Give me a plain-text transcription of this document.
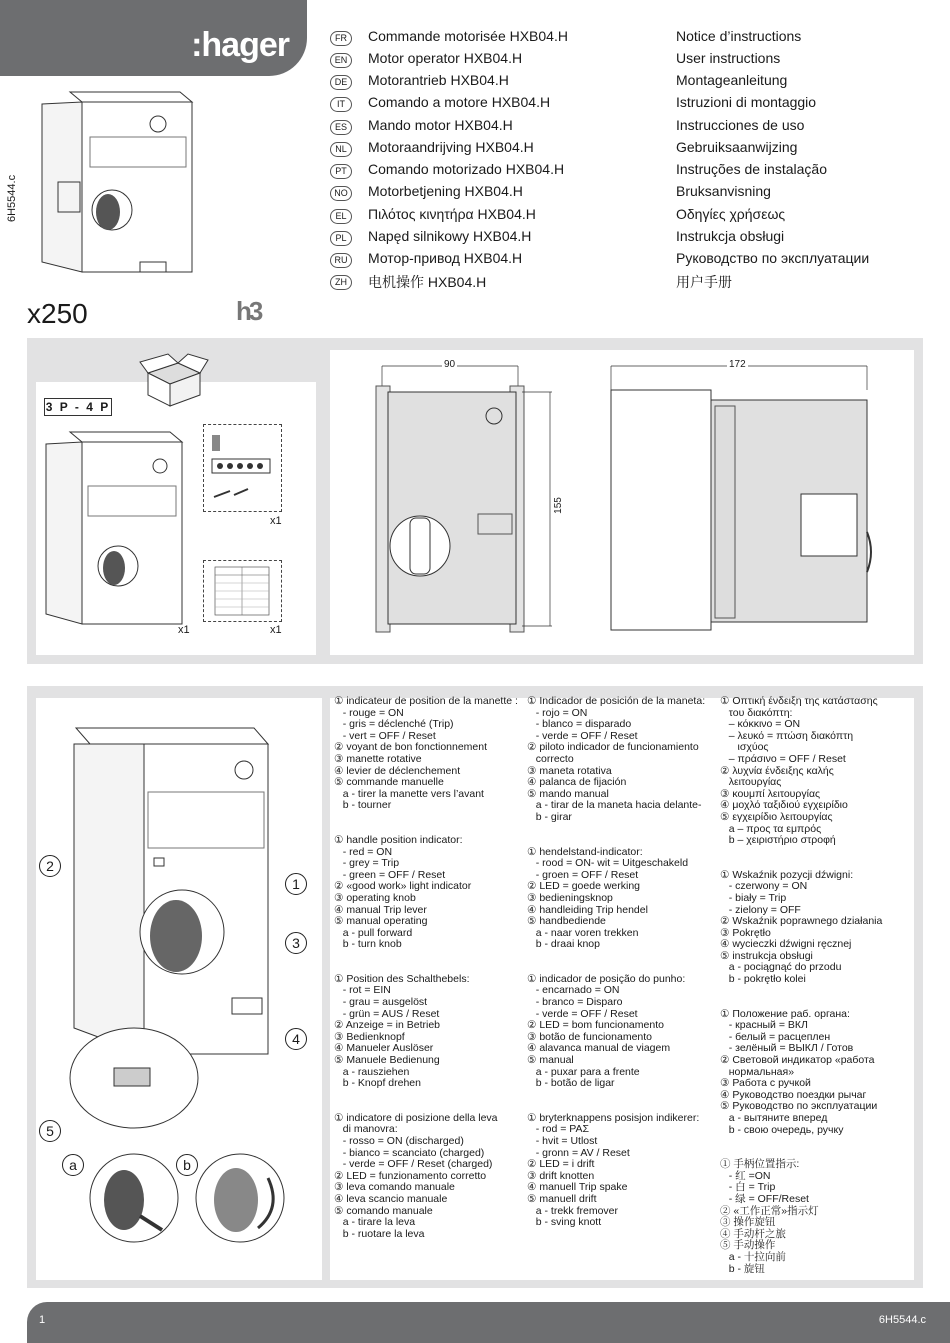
:hager
6H5544.c
FR	Commande motorisée HXB04.H	Notice d’instructions
EN	Motor operator HXB04.H	User instructions
DE	Motorantrieb HXB04.H	Montageanleitung
IT	Comando a motore HXB04.H	Istruzioni di montaggio
ES	Mando motor HXB04.H	Instrucciones de uso
NL	Motoraandrijving HXB04.H	Gebruiksaanwijzing
PT	Comando motorizado HXB04.H	Instruções de instalação
NO	Motorbetjening HXB04.H	Bruksanvisning
EL	Πιλότος κινητήρα HXB04.H	Οδηγίες χρήσεως
PL	Napęd silnikowy HXB04.H	Instrukcja obsługi
RU	Мотор-привод HXB04.H	Руководство по эксплуатации
ZH	电机操作 HXB04.H	用户手册
x250	h3
3 P - 4 P
x1
x1
x1
90
155
172
2
1
3
4
5
a	b
① indicateur de position de la manette :
- rouge = ON
- gris = déclenché (Trip)
- vert = OFF / Reset
② voyant de bon fonctionnement
③ manette rotative
④ levier de déclenchement
⑤ commande manuelle
a - tirer la manette vers l’avant
b - tourner
① handle position indicator:
- red = ON
- grey = Trip
- green = OFF / Reset
② «good work» light indicator
③ operating knob
④ manual Trip lever
⑤ manual operating
a - pull forward
b - turn knob
① Position des Schalthebels:
- rot = EIN
- grau = ausgelöst
- grün = AUS / Reset
② Anzeige = in Betrieb
③ Bedienknopf
④ Manueler Auslöser
⑤ Manuele Bedienung
a - rausziehen
b - Knopf drehen
① indicatore di posizione della leva
di manovra:
- rosso = ON (discharged)
- bianco = scanciato (charged)
- verde = OFF / Reset (charged)
② LED = funzionamento corretto
③ leva comando manuale
④ leva scancio manuale
⑤ comando manuale
a - tirare la leva
b - ruotare la leva
① Indicador de posición de la maneta:
- rojo = ON
- blanco = disparado
- verde = OFF / Reset
② piloto indicador de funcionamiento
correcto
③ maneta rotativa
④ palanca de fijación
⑤ mando manual
a - tirar de la maneta hacia delante-
b - girar
① hendelstand-indicator:
- rood = ON- wit = Uitgeschakeld
- groen = OFF / Reset
② LED = goede werking
③ bedieningsknop
④ handleiding Trip hendel
⑤ handbediende
a - naar voren trekken
b - draai knop
① indicador de posição do punho:
- encarnado = ON
- branco = Disparo
- verde = OFF / Reset
② LED = bom funcionamento
③ botão de funcionamento
④ alavanca manual de viagem
⑤ manual
a - puxar para a frente
b - botão de ligar
① bryterknappens posisjon indikerer:
- rod = PAΣ
- hvit = Utlost
- gronn = AV / Reset
② LED = i drift
③ drift knotten
④ manuell Trip spake
⑤ manuell drift
a - trekk fremover
b - sving knott
① Οπτική ένδειξη της κατάστασης
του διακόπτη:
– κόκκινο = ON
– λευκό = πτώση διακόπτη
ισχύος
– πράσινο = OFF / Reset
② λυχνία ένδειξης καλής
λειτουργίας
③ κουμπί λειτουργίας
④ μοχλό ταξιδιού εγχειρίδιο
⑤ εγχειρίδιο λειτουργίας
a – προς τα εμπρός
b – χειριστήριο στροφή
① Wskaźnik pozycji dźwigni:
- czerwony = ON
- biały = Trip
- zielony = OFF
② Wskaźnik poprawnego działania
③ Pokrętło
④ wycieczki dźwigni ręcznej
⑤ instrukcja obsługi
a - pociągnąć do przodu
b - pokrętło kolei
① Положение раб. органа:
- красный = ВКЛ
- белый = расцеплен
- зелёный = ВЫКЛ / Готов
② Световой индикатор «работа
нормальная»
③ Работа с ручкой
④ Руководство поездки рычаг
⑤ Руководство по эксплуатации
a - вытяните вперед
b - свою очередь, ручку
① 手柄位置指示:
- 红 =ON
- 白 = Trip
- 绿 = OFF/Reset
② «工作正常»指示灯
③ 操作旋钮
④ 手动杆之旅
⑤ 手动操作
a - 十拉向前
b - 旋钮
1	6H5544.c
